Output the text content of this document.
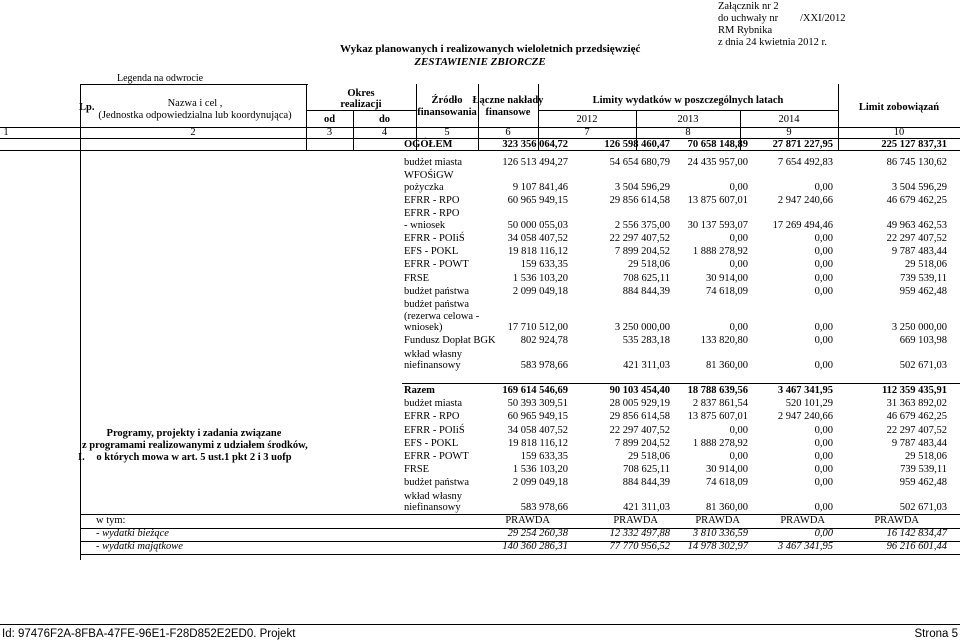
Załącznik nr 2
do uchwały nr /XXI/2012
RM Rybnika
z dnia 24 kwietnia 2012 r.
Wykaz planowanych i realizowanych wieloletnich przedsięwzięć
ZESTAWIENIE ZBIORCZE
Legenda na odwrocie
Lp.	Nazwa i cel ,
(Jednostka odpowiedzialna lub koordynująca)
Okres
realizacji
od	do
Źródło
finansowania
Łączne nakłady
finansowe
Limity wydatków w poszczególnych latach
Limit zobowiązań
2012	2013	2014
1	2	3	4	5	6	7	8	9	10
OGÓŁEM	323 356 064,72	126 598 460,47	70 658 148,89	27 871 227,95	225 127 837,31
budżet miasta	126 513 494,27	54 654 680,79	24 435 957,00	7 654 492,83	86 745 130,62
WFOŚiGW
pożyczka	9 107 841,46	3 504 596,29	0,00	0,00	3 504 596,29
EFRR - RPO	60 965 949,15	29 856 614,58	13 875 607,01	2 947 240,66	46 679 462,25
EFRR - RPO
- wniosek	50 000 055,03	2 556 375,00	30 137 593,07	17 269 494,46	49 963 462,53
EFRR - POIiŚ	34 058 407,52	22 297 407,52	0,00	0,00	22 297 407,52
EFS - POKL	19 818 116,12	7 899 204,52	1 888 278,92	0,00	9 787 483,44
EFRR - POWT	159 633,35	29 518,06	0,00	0,00	29 518,06
FRSE	1 536 103,20	708 625,11	30 914,00	0,00	739 539,11
budżet państwa	2 099 049,18	884 844,39	74 618,09	0,00	959 462,48
budżet państwa
(rezerwa celowa -
wniosek)	17 710 512,00	3 250 000,00	0,00	0,00	3 250 000,00
Fundusz Dopłat BGK	802 924,78	535 283,18	133 820,80	0,00	669 103,98
wkład własny
niefinansowy	583 978,66	421 311,03	81 360,00	0,00	502 671,03
I.
Programy, projekty i zadania związane
z programami realizowanymi z udziałem środków,
o których mowa w art. 5 ust.1 pkt 2 i 3 uofp
Razem	169 614 546,69	90 103 454,40	18 788 639,56	3 467 341,95	112 359 435,91
budżet miasta	50 393 309,51	28 005 929,19	2 837 861,54	520 101,29	31 363 892,02
EFRR - RPO	60 965 949,15	29 856 614,58	13 875 607,01	2 947 240,66	46 679 462,25
EFRR - POIiŚ	34 058 407,52	22 297 407,52	0,00	0,00	22 297 407,52
EFS - POKL	19 818 116,12	7 899 204,52	1 888 278,92	0,00	9 787 483,44
EFRR - POWT	159 633,35	29 518,06	0,00	0,00	29 518,06
FRSE	1 536 103,20	708 625,11	30 914,00	0,00	739 539,11
budżet państwa	2 099 049,18	884 844,39	74 618,09	0,00	959 462,48
wkład własny
niefinansowy	583 978,66	421 311,03	81 360,00	0,00	502 671,03
w tym:	PRAWDA	PRAWDA	PRAWDA	PRAWDA	PRAWDA
- wydatki bieżące	29 254 260,38	12 332 497,88	3 810 336,59	0,00	16 142 834,47
- wydatki majątkowe	140 360 286,31	77 770 956,52	14 978 302,97	3 467 341,95	96 216 601,44
Id: 97476F2A-8FBA-47FE-96E1-F28D852E2ED0. Projekt	Strona 5
